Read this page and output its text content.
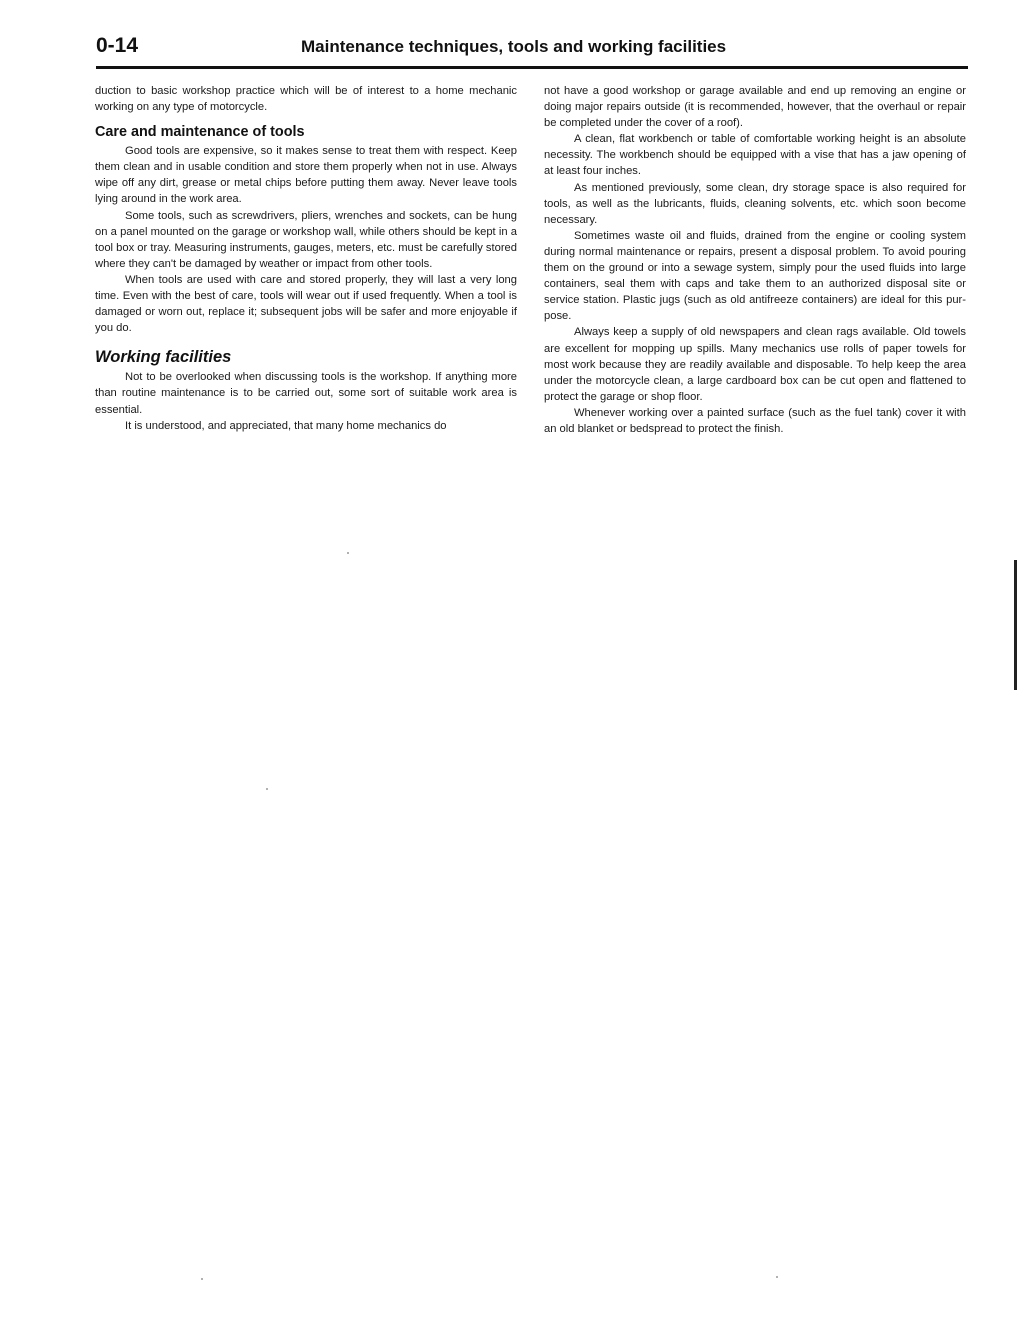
0-14	Maintenance techniques, tools and working facilities

duction to basic workshop practice which will be of interest to a home mechanic working on any type of motorcycle.

Care and maintenance of tools

Good tools are expensive, so it makes sense to treat them with respect. Keep them clean and in usable condition and store them properly when not in use. Always wipe off any dirt, grease or metal chips before putting them away. Never leave tools lying around in the work area.

Some tools, such as screwdrivers, pliers, wrenches and sockets, can be hung on a panel mounted on the garage or workshop wall, while others should be kept in a tool box or tray. Measuring instruments, gauges, meters, etc. must be carefully stored where they can't be damaged by weather or impact from other tools.

When tools are used with care and stored properly, they will last a very long time. Even with the best of care, tools will wear out if used frequently. When a tool is damaged or worn out, replace it; subsequent jobs will be safer and more enjoyable if you do.

Working facilities

Not to be overlooked when discussing tools is the workshop. If anything more than routine maintenance is to be carried out, some sort of suitable work area is essential.

It is understood, and appreciated, that many home mechanics do

not have a good workshop or garage available and end up removing an engine or doing major repairs outside (it is recommended, however, that the overhaul or repair be completed under the cover of a roof).

A clean, flat workbench or table of comfortable working height is an absolute necessity. The workbench should be equipped with a vise that has a jaw opening of at least four inches.

As mentioned previously, some clean, dry storage space is also required for tools, as well as the lubricants, fluids, cleaning solvents, etc. which soon become necessary.

Sometimes waste oil and fluids, drained from the engine or cooling system during normal maintenance or repairs, present a disposal problem. To avoid pouring them on the ground or into a sewage system, simply pour the used fluids into large containers, seal them with caps and take them to an authorized disposal site or service station. Plastic jugs (such as old antifreeze containers) are ideal for this purpose.

Always keep a supply of old newspapers and clean rags available. Old towels are excellent for mopping up spills. Many mechanics use rolls of paper towels for most work because they are readily available and disposable. To help keep the area under the motorcycle clean, a large cardboard box can be cut open and flattened to protect the garage or shop floor.

Whenever working over a painted surface (such as the fuel tank) cover it with an old blanket or bedspread to protect the finish.
